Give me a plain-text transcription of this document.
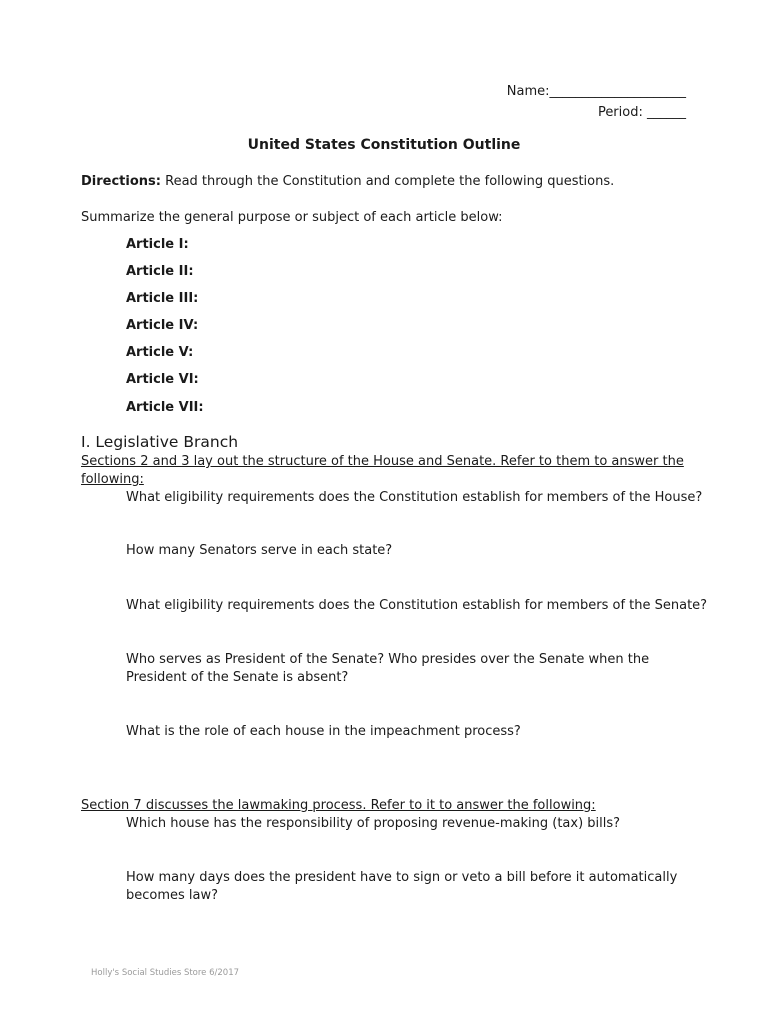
Name:_____________________
Period: ______
United States Constitution Outline
Directions: Read through the Constitution and complete the following questions.
Summarize the general purpose or subject of each article below:
Article I:
Article II:
Article III:
Article IV:
Article V:
Article VI:
Article VII:
I. Legislative Branch
Sections 2 and 3 lay out the structure of the House and Senate. Refer to them to answer the
following:
What eligibility requirements does the Constitution establish for members of the House?
How many Senators serve in each state?
What eligibility requirements does the Constitution establish for members of the Senate?
Who serves as President of the Senate? Who presides over the Senate when the
President of the Senate is absent?
What is the role of each house in the impeachment process?
Section 7 discusses the lawmaking process. Refer to it to answer the following:
Which house has the responsibility of proposing revenue-making (tax) bills?
How many days does the president have to sign or veto a bill before it automatically
becomes law?
Holly's Social Studies Store 6/2017
